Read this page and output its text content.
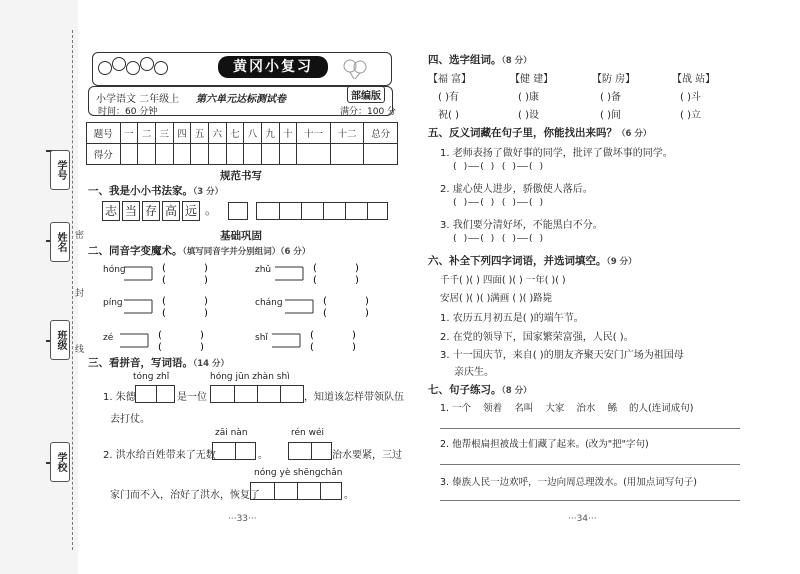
学号
姓名
班级
学校
密
封
线
黄冈小复习
小学语文 二年级上 第六单元达标测试卷	部编版
时间：60 分钟	满分：100 分
题号	一	二	三	四	五	六	七	八	九	十	十一	十二	总分
得分													
规范书写
一、我是小小书法家。（3 分）
志 当 存 高 远 。
基础巩固
二、同音字变魔术。（填写同音字并分别组词）（6 分）
hónɡ	(	)
(	)
zhǔ	(	)
(	)
pínɡ	(	)
(	)
chánɡ	(	)
(	)
zé	(	)
(	)
shǐ	(	)
(	)
三、看拼音，写词语。（14 分）
tónɡ zhǐ	hónɡ jūn zhàn shì
1. 朱德	是一位	，知道该怎样带领队伍
去打仗。
zāi nàn	rén wéi
2. 洪水给百姓带来了无数	。	治水要紧，三过
nónɡ yè shēnɡchǎn
家门而不入，治好了洪水，恢复了	。
···33···
四、选字组词。（8 分）
【福 富】	【健 建】	【防 房】	【战 站】
( )有	( )康	( )备	( )斗
祝( )	( )设	( )间	( )立
五、反义词藏在句子里，你能找出来吗？（6 分）
1. 老师表扬了做好事的同学，批评了做坏事的同学。
( )——( ) ( )——( )
2. 虚心使人进步，骄傲使人落后。
( )——( ) ( )——( )
3. 我们要分清好坏，不能黑白不分。
( )——( ) ( )——( )
六、补全下列四字词语，并选词填空。（9 分）
千千( )( ) 四面( )( ) 一年( )( )
安居( )( )( )满画 ( )( )路毙
1. 农历五月初五是( )的端午节。
2. 在党的领导下，国家繁荣富强，人民( )。
3. 十一国庆节，来自( )的朋友齐聚天安门广场为祖国母
亲庆生。
七、句子练习。（8 分）
1. 一个    领着    名叫    大家    治水    鲧    的人(连词成句)
2. 他帮根扁担被战士们藏了起来。(改为"把"字句)
3. 傣族人民一边欢呼，一边向周总理泼水。(用加点词写句子)
···34···
